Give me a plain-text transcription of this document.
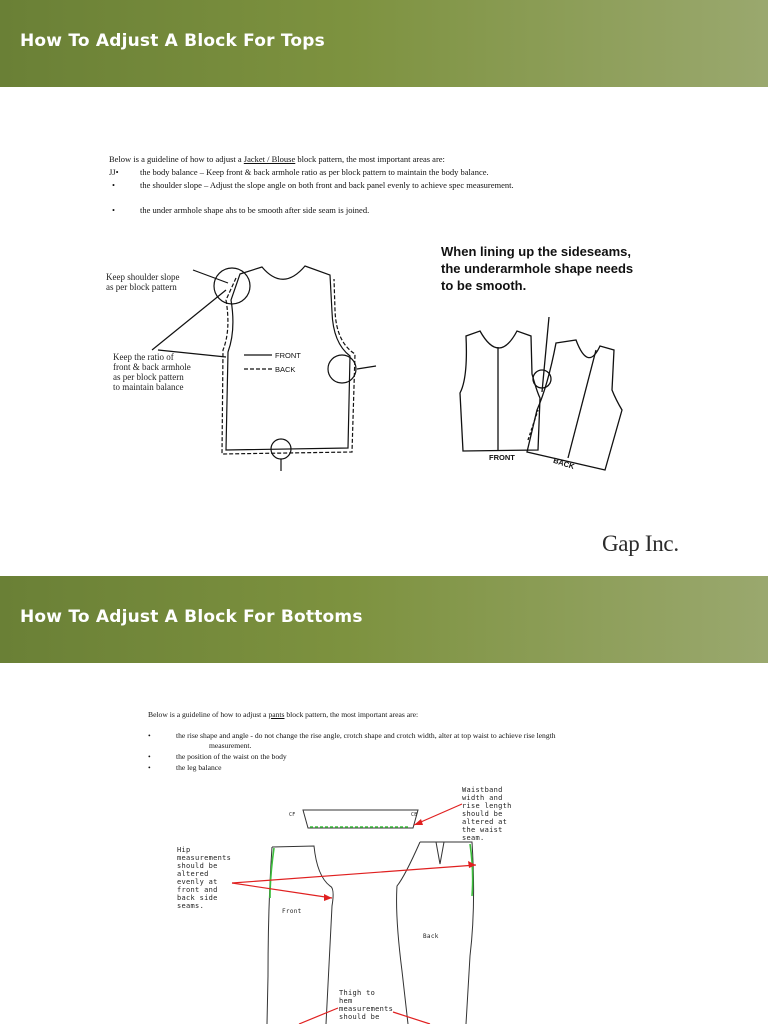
How To Adjust A Block For Tops
Below is a guideline of how to adjust a Jacket / Blouse block pattern, the most important areas are:
JJ•	the body balance – Keep front & back armhole ratio as per block pattern to maintain the body balance.
•	the shoulder slope – Adjust the slope angle on both front and back panel evenly to achieve spec measurement.
•	the under armhole shape ahs to be smooth after side seam is joined.
Keep shoulder slope
as per block pattern
Keep the ratio of
front & back armhole
as per block pattern
to maintain balance
FRONT
BACK
When lining up the sideseams,
the underarmhole shape needs
to be smooth.
FRONT	BACK
Gap Inc.
How To Adjust A Block For Bottoms
Below is a guideline of how to adjust a pants block pattern, the most important areas are:
•	the rise shape and angle - do not change the rise angle, crotch shape and crotch width, alter at top waist to achieve rise length
measurement.
•	the position of the waist on the body
•	the leg balance
CF	CB
Waistband
width and
rise length
should be
altered at
the waist
seam.
Hip
measurements
should be
altered
evenly at
front and
back side
seams.
Thigh to
hem
measurements
should be
Front
Back
